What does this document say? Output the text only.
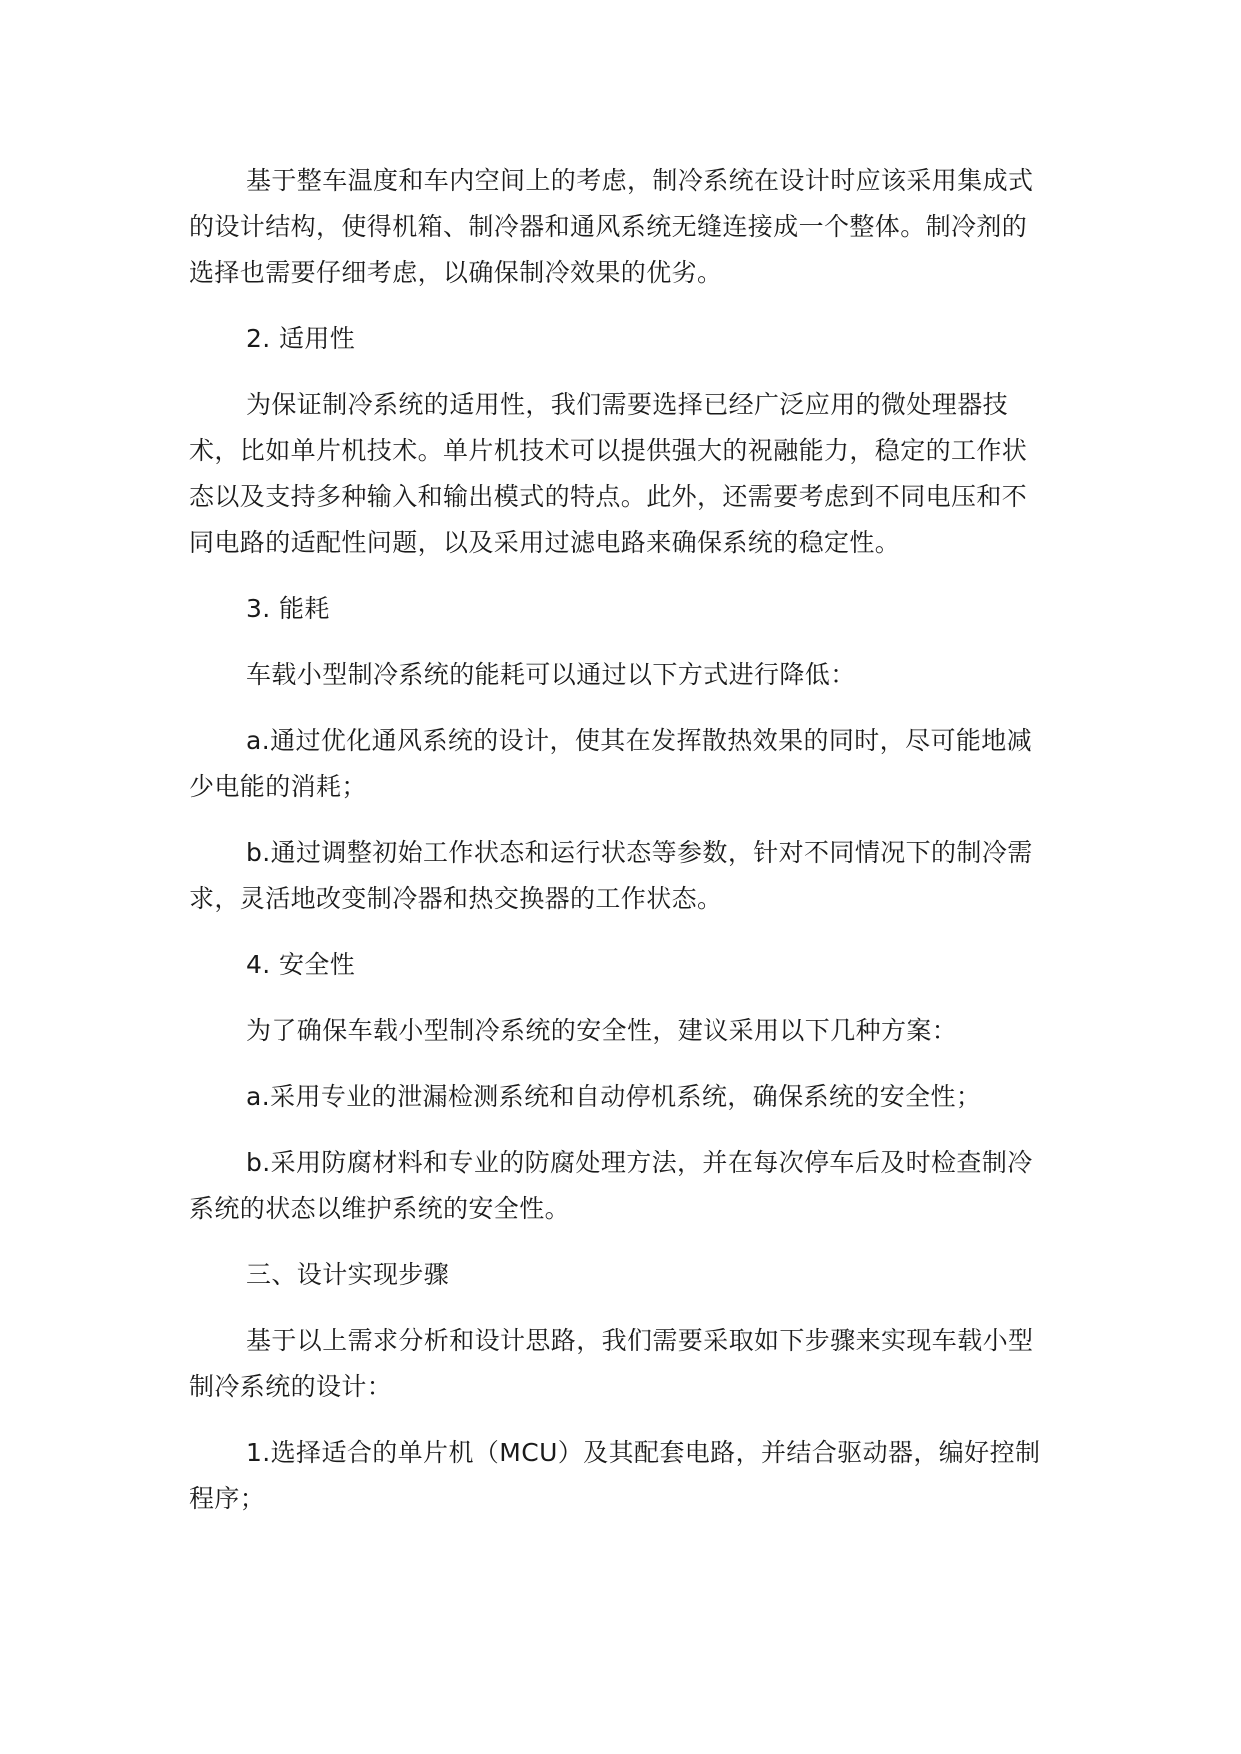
基于整车温度和车内空间上的考虑，制冷系统在设计时应该采用集成式的设计结构，使得机箱、制冷器和通风系统无缝连接成一个整体。制冷剂的选择也需要仔细考虑，以确保制冷效果的优劣。

2. 适用性

为保证制冷系统的适用性，我们需要选择已经广泛应用的微处理器技术，比如单片机技术。单片机技术可以提供强大的祝融能力，稳定的工作状态以及支持多种输入和输出模式的特点。此外，还需要考虑到不同电压和不同电路的适配性问题，以及采用过滤电路来确保系统的稳定性。

3. 能耗

车载小型制冷系统的能耗可以通过以下方式进行降低：

a.通过优化通风系统的设计，使其在发挥散热效果的同时，尽可能地减少电能的消耗；

b.通过调整初始工作状态和运行状态等参数，针对不同情况下的制冷需求，灵活地改变制冷器和热交换器的工作状态。

4. 安全性

为了确保车载小型制冷系统的安全性，建议采用以下几种方案：

a.采用专业的泄漏检测系统和自动停机系统，确保系统的安全性；

b.采用防腐材料和专业的防腐处理方法，并在每次停车后及时检查制冷系统的状态以维护系统的安全性。

三、设计实现步骤

基于以上需求分析和设计思路，我们需要采取如下步骤来实现车载小型制冷系统的设计：

1.选择适合的单片机（MCU）及其配套电路，并结合驱动器，编好控制程序；
